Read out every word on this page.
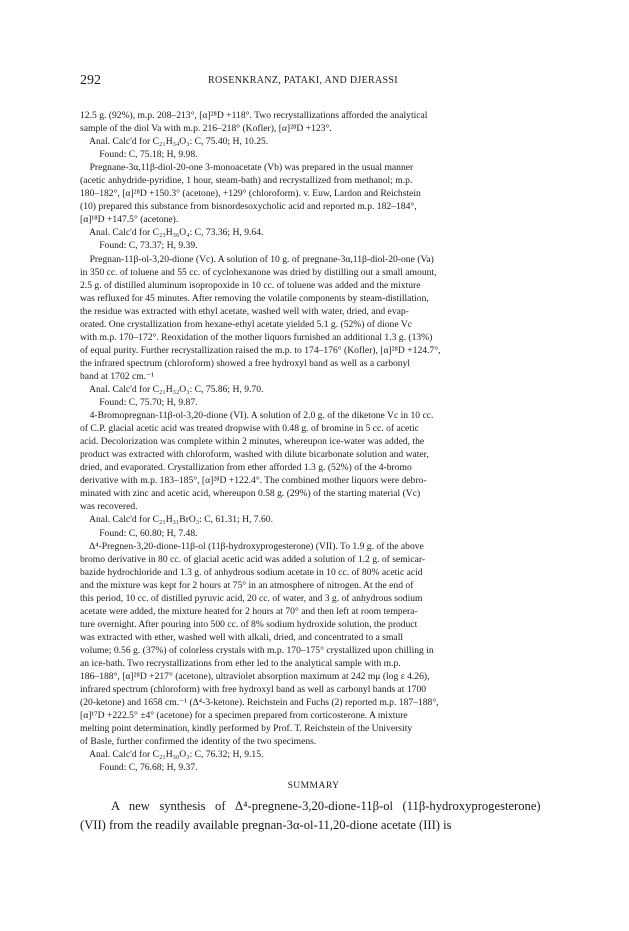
292	ROSENKRANZ, PATAKI, AND DJERASSI
12.5 g. (92%), m.p. 208–213°, [α]²⁸D +118°. Two recrystallizations afforded the analytical
sample of the diol Va with m.p. 216–218° (Kofler), [α]²⁸D +123°.
Anal. Calc'd for C₂₁H₃₄O₃: C, 75.40; H, 10.25.
Found: C, 75.18; H, 9.98.
Pregnane-3α,11β-diol-20-one 3-monoacetate (Vb) was prepared in the usual manner
(acetic anhydride-pyridine, 1 hour, steam-bath) and recrystallized from methanol; m.p.
180–182°, [α]²⁸D +150.3° (acetone), +129° (chloroform). v. Euw, Lardon and Reichstein
(10) prepared this substance from bisnordesoxycholic acid and reported m.p. 182–184°,
[α]¹⁸D +147.5° (acetone).
Anal. Calc'd for C₂₃H₃₆O₄: C, 73.36; H, 9.64.
Found: C, 73.37; H, 9.39.
Pregnan-11β-ol-3,20-dione (Vc). A solution of 10 g. of pregnane-3α,11β-diol-20-one (Va)
in 350 cc. of toluene and 55 cc. of cyclohexanone was dried by distilling out a small amount,
2.5 g. of distilled aluminum isopropoxide in 10 cc. of toluene was added and the mixture
was refluxed for 45 minutes. After removing the volatile components by steam-distillation,
the residue was extracted with ethyl acetate, washed well with water, dried, and evap-
orated. One crystallization from hexane-ethyl acetate yielded 5.1 g. (52%) of dione Vc
with m.p. 170–172°. Reoxidation of the mother liquors furnished an additional 1.3 g. (13%)
of equal purity. Further recrystallization raised the m.p. to 174–176° (Kofler), [α]²⁸D +124.7°,
the infrared spectrum (chloroform) showed a free hydroxyl band as well as a carbonyl
band at 1702 cm.⁻¹
Anal. Calc'd for C₂₁H₃₂O₃: C, 75.86; H, 9.70.
Found: C, 75.70; H, 9.87.
4-Bromopregnan-11β-ol-3,20-dione (VI). A solution of 2.0 g. of the diketone Vc in 10 cc.
of C.P. glacial acetic acid was treated dropwise with 0.48 g. of bromine in 5 cc. of acetic
acid. Decolorization was complete within 2 minutes, whereupon ice-water was added, the
product was extracted with chloroform, washed with dilute bicarbonate solution and water,
dried, and evaporated. Crystallization from ether afforded 1.3 g. (52%) of the 4-bromo
derivative with m.p. 183–185°, [α]²⁸D +122.4°. The combined mother liquors were debro-
minated with zinc and acetic acid, whereupon 0.58 g. (29%) of the starting material (Vc)
was recovered.
Anal. Calc'd for C₂₁H₃₁BrO₃: C, 61.31; H, 7.60.
Found: C, 60.80; H, 7.48.
Δ⁴-Pregnen-3,20-dione-11β-ol (11β-hydroxyprogesterone) (VII). To 1.9 g. of the above
bromo derivative in 80 cc. of glacial acetic acid was added a solution of 1.2 g. of semicar-
bazide hydrochloride and 1.3 g. of anhydrous sodium acetate in 10 cc. of 80% acetic acid
and the mixture was kept for 2 hours at 75° in an atmosphere of nitrogen. At the end of
this period, 10 cc. of distilled pyruvic acid, 20 cc. of water, and 3 g. of anhydrous sodium
acetate were added, the mixture heated for 2 hours at 70° and then left at room tempera-
ture overnight. After pouring into 500 cc. of 8% sodium hydroxide solution, the product
was extracted with ether, washed well with alkali, dried, and concentrated to a small
volume; 0.56 g. (37%) of colorless crystals with m.p. 170–175° crystallized upon chilling in
an ice-bath. Two recrystallizations from ether led to the analytical sample with m.p.
186–188°, [α]²⁸D +217° (acetone), ultraviolet absorption maximum at 242 mμ (log ε 4.26),
infrared spectrum (chloroform) with free hydroxyl band as well as carbonyl bands at 1700
(20-ketone) and 1658 cm.⁻¹ (Δ⁴-3-ketone). Reichstein and Fuchs (2) reported m.p. 187–188°,
[α]¹⁷D +222.5° ±4° (acetone) for a specimen prepared from corticosterone. A mixture
melting point determination, kindly performed by Prof. T. Reichstein of the University
of Basle, further confirmed the identity of the two specimens.
Anal. Calc'd for C₂₁H₃₀O₃: C, 76.32; H, 9.15.
Found: C, 76.68; H, 9.37.
SUMMARY
A new synthesis of Δ⁴-pregnene-3,20-dione-11β-ol (11β-hydroxyprogesterone)
(VII) from the readily available pregnan-3α-ol-11,20-dione acetate (III) is
